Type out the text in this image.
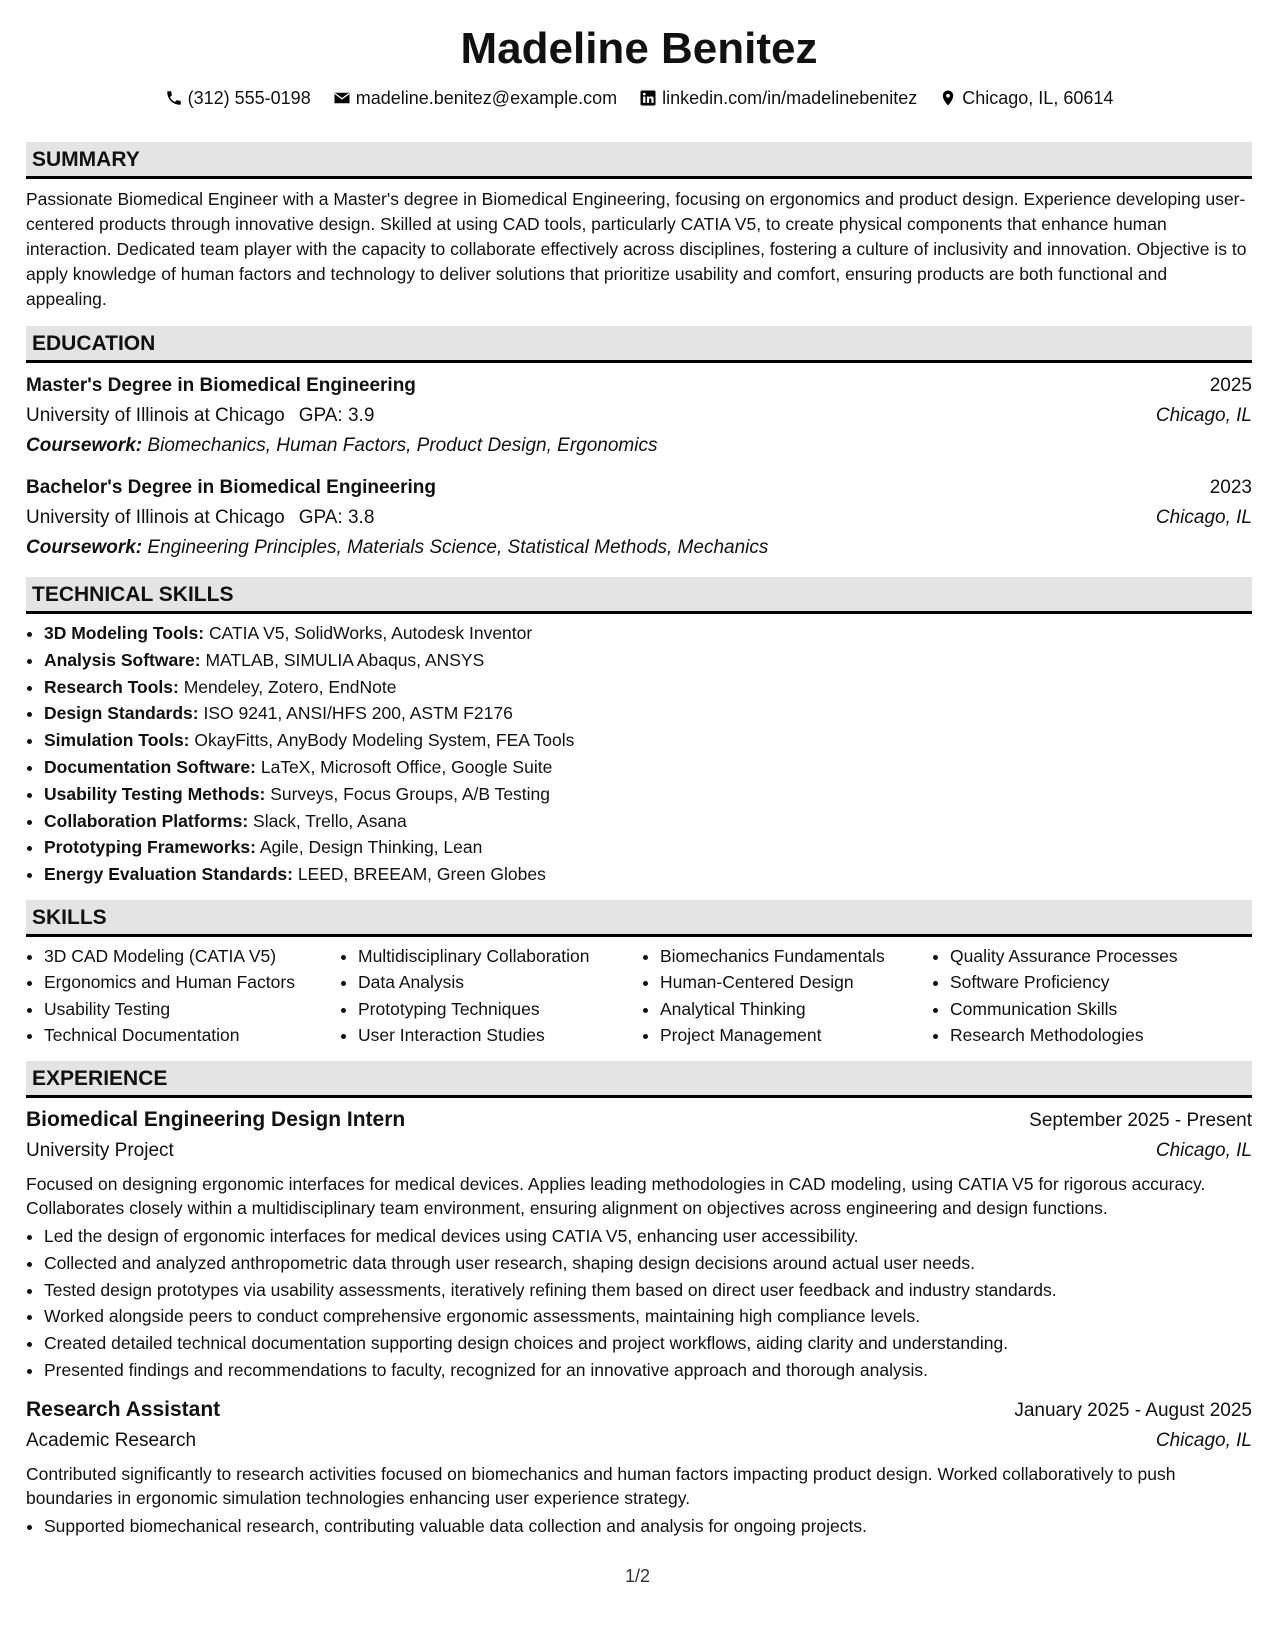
Madeline Benitez
(312) 555-0198	madeline.benitez@example.com	linkedin.com/in/madelinebenitez	Chicago, IL, 60614
SUMMARY
Passionate Biomedical Engineer with a Master's degree in Biomedical Engineering, focusing on ergonomics and product design. Experience developing user-centered products through innovative design. Skilled at using CAD tools, particularly CATIA V5, to create physical components that enhance human interaction. Dedicated team player with the capacity to collaborate effectively across disciplines, fostering a culture of inclusivity and innovation. Objective is to apply knowledge of human factors and technology to deliver solutions that prioritize usability and comfort, ensuring products are both functional and appealing.
EDUCATION
Master's Degree in Biomedical Engineering	2025
University of Illinois at Chicago GPA: 3.9	Chicago, IL
Coursework: Biomechanics, Human Factors, Product Design, Ergonomics
Bachelor's Degree in Biomedical Engineering	2023
University of Illinois at Chicago GPA: 3.8	Chicago, IL
Coursework: Engineering Principles, Materials Science, Statistical Methods, Mechanics
TECHNICAL SKILLS
• 3D Modeling Tools: CATIA V5, SolidWorks, Autodesk Inventor
• Analysis Software: MATLAB, SIMULIA Abaqus, ANSYS
• Research Tools: Mendeley, Zotero, EndNote
• Design Standards: ISO 9241, ANSI/HFS 200, ASTM F2176
• Simulation Tools: OkayFitts, AnyBody Modeling System, FEA Tools
• Documentation Software: LaTeX, Microsoft Office, Google Suite
• Usability Testing Methods: Surveys, Focus Groups, A/B Testing
• Collaboration Platforms: Slack, Trello, Asana
• Prototyping Frameworks: Agile, Design Thinking, Lean
• Energy Evaluation Standards: LEED, BREEAM, Green Globes
SKILLS
• 3D CAD Modeling (CATIA V5)
• Ergonomics and Human Factors
• Usability Testing
• Technical Documentation
• Multidisciplinary Collaboration
• Data Analysis
• Prototyping Techniques
• User Interaction Studies
• Biomechanics Fundamentals
• Human-Centered Design
• Analytical Thinking
• Project Management
• Quality Assurance Processes
• Software Proficiency
• Communication Skills
• Research Methodologies
EXPERIENCE
Biomedical Engineering Design Intern	September 2025 - Present
University Project	Chicago, IL
Focused on designing ergonomic interfaces for medical devices. Applies leading methodologies in CAD modeling, using CATIA V5 for rigorous accuracy. Collaborates closely within a multidisciplinary team environment, ensuring alignment on objectives across engineering and design functions.
• Led the design of ergonomic interfaces for medical devices using CATIA V5, enhancing user accessibility.
• Collected and analyzed anthropometric data through user research, shaping design decisions around actual user needs.
• Tested design prototypes via usability assessments, iteratively refining them based on direct user feedback and industry standards.
• Worked alongside peers to conduct comprehensive ergonomic assessments, maintaining high compliance levels.
• Created detailed technical documentation supporting design choices and project workflows, aiding clarity and understanding.
• Presented findings and recommendations to faculty, recognized for an innovative approach and thorough analysis.
Research Assistant	January 2025 - August 2025
Academic Research	Chicago, IL
Contributed significantly to research activities focused on biomechanics and human factors impacting product design. Worked collaboratively to push boundaries in ergonomic simulation technologies enhancing user experience strategy.
• Supported biomechanical research, contributing valuable data collection and analysis for ongoing projects.
1/2
